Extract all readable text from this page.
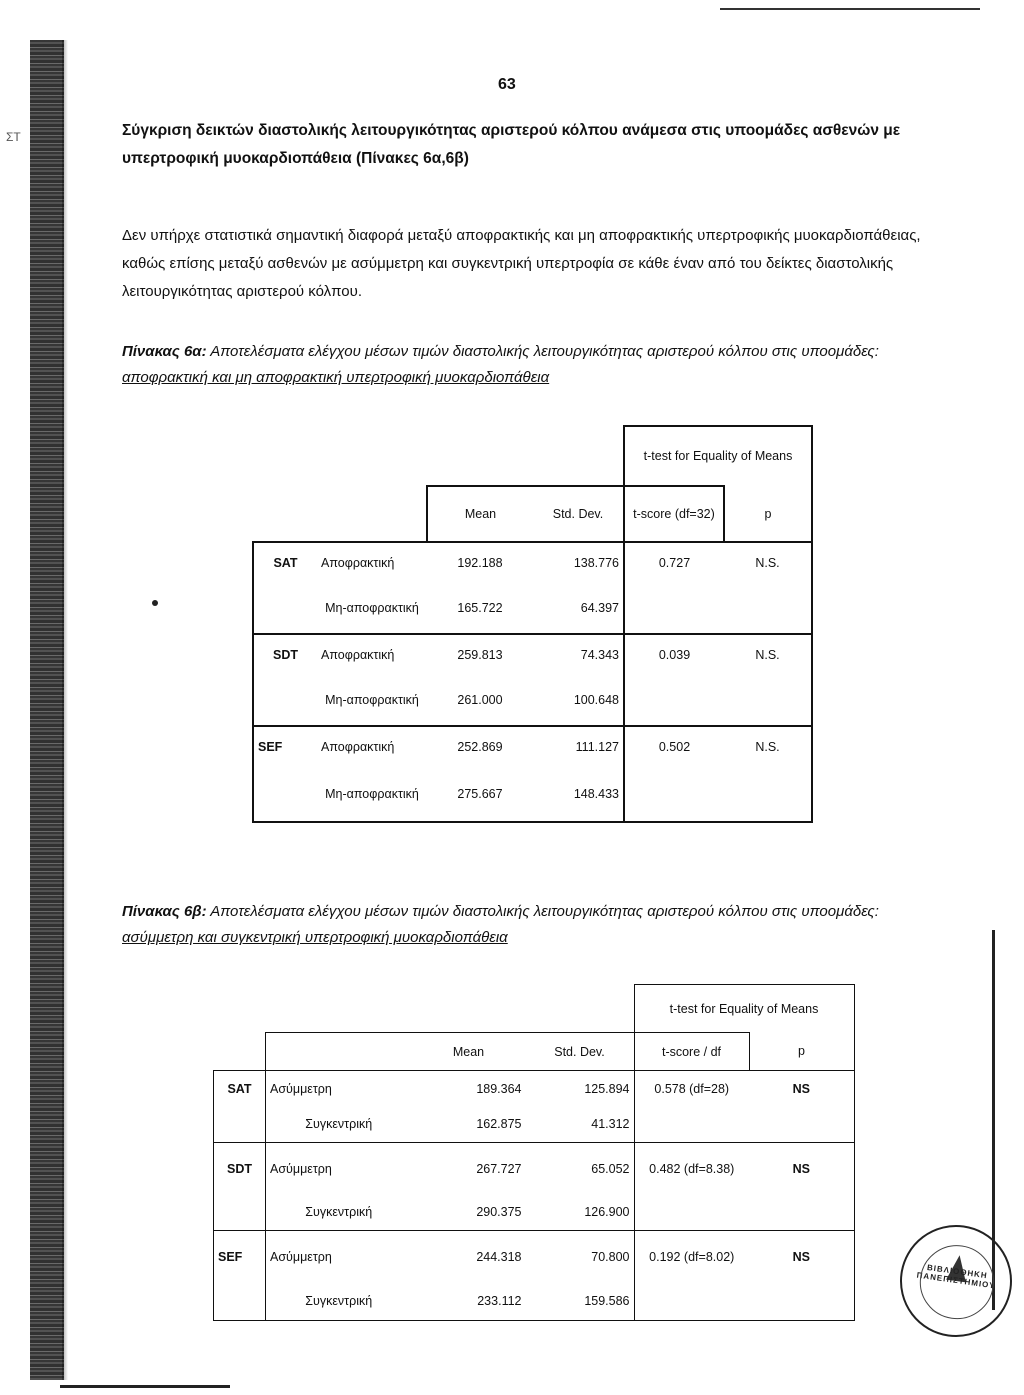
ΣΤ
63
Σύγκριση δεικτών διαστολικής λειτουργικότητας αριστερού κόλπου ανάμεσα στις υποομάδες ασθενών με υπερτροφική μυοκαρδιοπάθεια (Πίνακες 6α,6β)
Δεν υπήρχε στατιστικά σημαντική διαφορά μεταξύ αποφρακτικής και μη αποφρακτικής υπερτροφικής μυοκαρδιοπάθειας, καθώς επίσης μεταξύ ασθενών με ασύμμετρη και συγκεντρική υπερτροφία σε κάθε έναν από του δείκτες διαστολικής λειτουργικότητας αριστερού κόλπου.
Πίνακας 6α: Αποτελέσματα ελέγχου μέσων τιμών διαστολικής λειτουργικότητας αριστερού κόλπου στις υποομάδες: αποφρακτική και μη αποφρακτική υπερτροφική μυοκαρδιοπάθεια
				t-test for Equality of Means	
		Mean	Std. Dev.	t-score (df=32)	p
SAT	Αποφρακτική	192.188	138.776	0.727	N.S.
	Μη-αποφρακτική	165.722	64.397		
SDT	Αποφρακτική	259.813	74.343	0.039	N.S.
	Μη-αποφρακτική	261.000	100.648		
SEF	Αποφρακτική	252.869	111.127	0.502	N.S.
	Μη-αποφρακτική	275.667	148.433		
Πίνακας 6β: Αποτελέσματα ελέγχου μέσων τιμών διαστολικής λειτουργικότητας αριστερού κόλπου στις υποομάδες: ασύμμετρη και συγκεντρική υπερτροφική μυοκαρδιοπάθεια
				t-test for Equality of Means	
		Mean	Std. Dev.	t-score / df	p
SAT	Ασύμμετρη	189.364	125.894	0.578 (df=28)	NS
	Συγκεντρική	162.875	41.312		
SDT	Ασύμμετρη	267.727	65.052	0.482 (df=8.38)	NS
	Συγκεντρική	290.375	126.900		
SEF	Ασύμμετρη	244.318	70.800	0.192 (df=8.02)	NS
	Συγκεντρική	233.112	159.586		
ΒΙΒΛΙΟΘΗΚΗ ΠΑΝΕΠΙΣΤΗΜΙΟΥ
